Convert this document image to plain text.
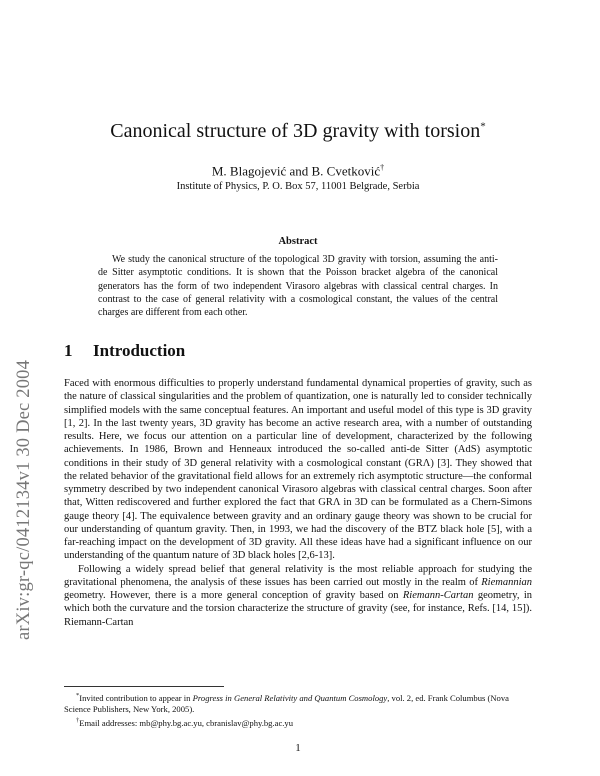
arXiv:gr-qc/0412134v1 30 Dec 2004
Canonical structure of 3D gravity with torsion*
M. Blagojević and B. Cvetković†
Institute of Physics, P. O. Box 57, 11001 Belgrade, Serbia
Abstract
We study the canonical structure of the topological 3D gravity with torsion, assuming the anti-de Sitter asymptotic conditions. It is shown that the Poisson bracket algebra of the canonical generators has the form of two independent Virasoro algebras with classical central charges. In contrast to the case of general relativity with a cosmological constant, the values of the central charges are different from each other.
1 Introduction

Faced with enormous difficulties to properly understand fundamental dynamical properties of gravity, such as the nature of classical singularities and the problem of quantization, one is naturally led to consider technically simplified models with the same conceptual features. An important and useful model of this type is 3D gravity [1, 2]. In the last twenty years, 3D gravity has become an active research area, with a number of outstanding results. Here, we focus our attention on a particular line of development, characterized by the following achievements. In 1986, Brown and Henneaux introduced the so-called anti-de Sitter (AdS) asymptotic conditions in their study of 3D general relativity with a cosmological constant (GRΛ) [3]. They showed that the related behavior of the gravitational field allows for an extremely rich asymptotic structure—the conformal symmetry described by two independent canonical Virasoro algebras with classical central charges. Soon after that, Witten rediscovered and further explored the fact that GRΛ in 3D can be formulated as a Chern-Simons gauge theory [4]. The equivalence between gravity and an ordinary gauge theory was shown to be crucial for our understanding of quantum gravity. Then, in 1993, we had the discovery of the BTZ black hole [5], with a far-reaching impact on the development of 3D gravity. All these ideas have had a significant influence on our understanding of the quantum nature of 3D black holes [2,6-13].

Following a widely spread belief that general relativity is the most reliable approach for studying the gravitational phenomena, the analysis of these issues has been carried out mostly in the realm of Riemannian geometry. However, there is a more general conception of gravity based on Riemann-Cartan geometry, in which both the curvature and the torsion characterize the structure of gravity (see, for instance, Refs. [14, 15]). Riemann-Cartan

*Invited contribution to appear in Progress in General Relativity and Quantum Cosmology, vol. 2, ed. Frank Columbus (Nova Science Publishers, New York, 2005).

†Email addresses: mb@phy.bg.ac.yu, cbranislav@phy.bg.ac.yu

1
